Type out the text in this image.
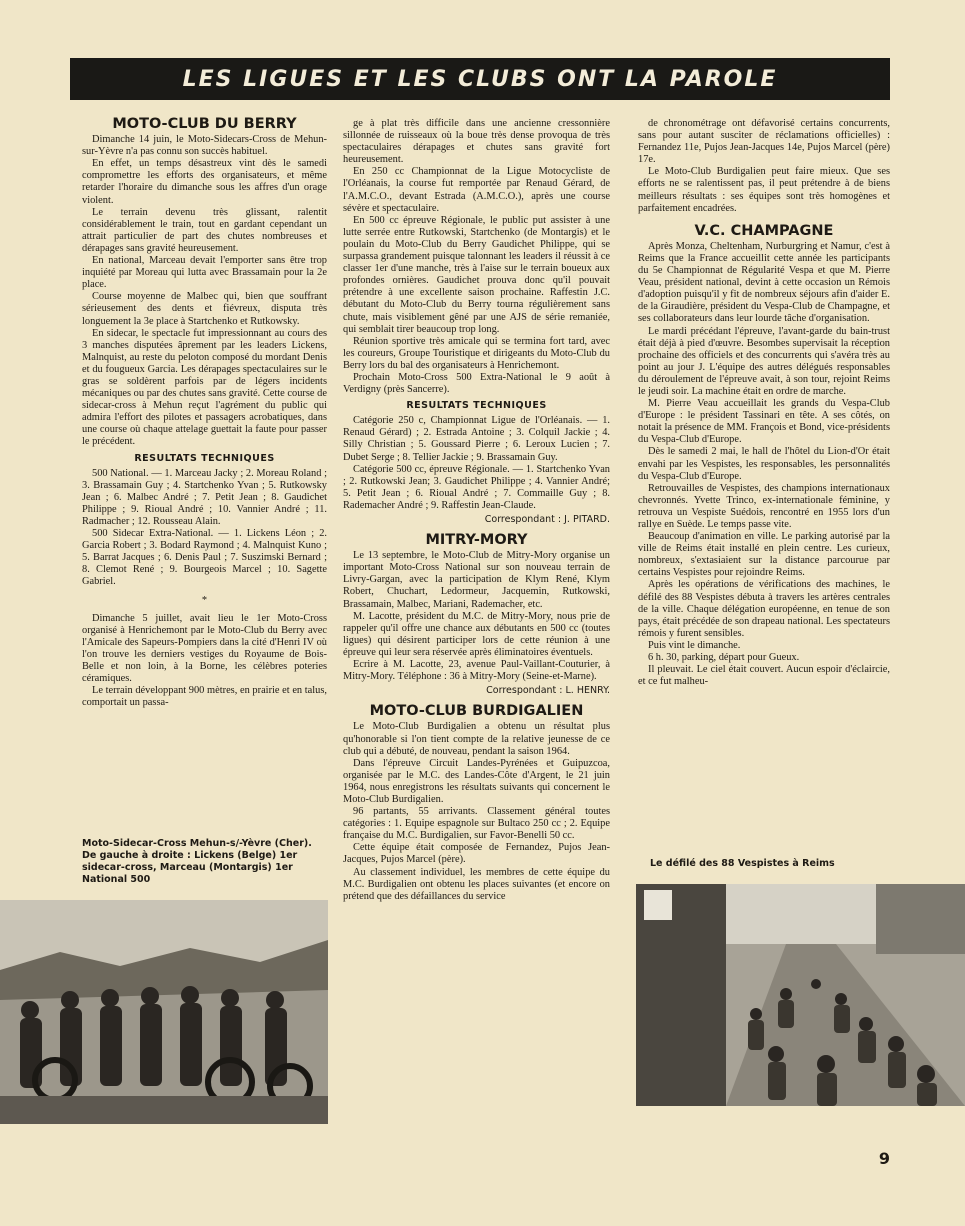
LES LIGUES ET LES CLUBS ONT LA PAROLE
MOTO-CLUB DU BERRY

Dimanche 14 juin, le Moto-Sidecars-Cross de Mehun-sur-Yèvre n'a pas connu son succès habituel.

En effet, un temps désastreux vint dès le samedi compromettre les efforts des organisateurs, et même retarder l'horaire du dimanche sous les affres d'un orage violent.

Le terrain devenu très glissant, ralentit considérablement le train, tout en gardant cependant un attrait particulier de part des chutes nombreuses et dérapages sans gravité heureusement.

En national, Marceau devait l'emporter sans être trop inquiété par Moreau qui lutta avec Brassamain pour la 2e place.

Course moyenne de Malbec qui, bien que souffrant sérieusement des dents et fiévreux, disputa très longuement la 3e place à Startchenko et Rutkowsky.

En sidecar, le spectacle fut impressionnant au cours des 3 manches disputées âprement par les leaders Lickens, Malnquist, au reste du peloton composé du mordant Denis et du fougueux Garcia. Les dérapages spectaculaires sur le gras se soldèrent parfois par de légers incidents mécaniques ou par des chutes sans gravité. Cette course de sidecar-cross à Mehun reçut l'agrément du public qui admira l'effort des pilotes et passagers acrobatiques, dans une course où chaque attelage guettait la faute pour passer le précédent.

RESULTATS TECHNIQUES

500 National. — 1. Marceau Jacky ; 2. Moreau Roland ; 3. Brassamain Guy ; 4. Startchenko Yvan ; 5. Rutkowsky Jean ; 6. Malbec André ; 7. Petit Jean ; 8. Gaudichet Philippe ; 9. Rioual André ; 10. Vannier André ; 11. Radmacher ; 12. Rousseau Alain.

500 Sidecar Extra-National. — 1. Lickens Léon ; 2. Garcia Robert ; 3. Bodard Raymond ; 4. Malnquist Kuno ; 5. Barrat Jacques ; 6. Denis Paul ; 7. Suszimski Bernard ; 8. Clemot René ; 9. Bourgeois Marcel ; 10. Sagette Gabriel.

*

Dimanche 5 juillet, avait lieu le 1er Moto-Cross organisé à Henrichemont par le Moto-Club du Berry avec l'Amicale des Sapeurs-Pompiers dans la cité d'Henri IV où l'on trouve les derniers vestiges du Royaume de Bois-Belle et non loin, à la Borne, les célèbres poteries céramiques.

Le terrain développant 900 mètres, en prairie et en talus, comportait un passa-

Moto-Sidecar-Cross Mehun-s/-Yèvre (Cher). De gauche à droite : Lickens (Belge) 1er sidecar-cross, Marceau (Montargis) 1er National 500

ge à plat très difficile dans une ancienne cressonnière sillonnée de ruisseaux où la boue très dense provoqua de très spectaculaires dérapages et chutes sans gravité fort heureusement.

En 250 cc Championnat de la Ligue Motocycliste de l'Orléanais, la course fut remportée par Renaud Gérard, de l'A.M.C.O., devant Estrada (A.M.C.O.), après une course sévère et spectaculaire.

En 500 cc épreuve Régionale, le public put assister à une lutte serrée entre Rutkowski, Startchenko (de Montargis) et le poulain du Moto-Club du Berry Gaudichet Philippe, qui se surpassa grandement puisque talonnant les leaders il réussit à ce classer 1er d'une manche, très à l'aise sur le terrain boueux aux profondes ornières. Gaudichet prouva donc qu'il pouvait prétendre à une excellente saison prochaine. Raffestin J.C. débutant du Moto-Club du Berry tourna régulièrement sans chute, mais visiblement gêné par une AJS de série remaniée, qui semblait tirer beaucoup trop long.

Réunion sportive très amicale qui se termina fort tard, avec les coureurs, Groupe Touristique et dirigeants du Moto-Club du Berry lors du bal des organisateurs à Henrichemont.

Prochain Moto-Cross 500 Extra-National le 9 août à Verdigny (près Sancerre).

RESULTATS TECHNIQUES

Catégorie 250 c, Championnat Ligue de l'Orléanais. — 1. Renaud Gérard) ; 2. Estrada Antoine ; 3. Colquil Jackie ; 4. Silly Christian ; 5. Goussard Pierre ; 6. Leroux Lucien ; 7. Dubet Serge ; 8. Tellier Jackie ; 9. Brassamain Guy.

Catégorie 500 cc, épreuve Régionale. — 1. Startchenko Yvan ; 2. Rutkowski Jean; 3. Gaudichet Philippe ; 4. Vannier André; 5. Petit Jean ; 6. Rioual André ; 7. Commaille Guy ; 8. Rademacher André ; 9. Raffestin Jean-Claude.

Correspondant : J. PITARD.
MITRY-MORY

Le 13 septembre, le Moto-Club de Mitry-Mory organise un important Moto-Cross National sur son nouveau terrain de Livry-Gargan, avec la participation de Klym René, Klym Robert, Chuchart, Ledormeur, Jacquemin, Rutkowski, Brassamain, Malbec, Mariani, Rademacher, etc.

M. Lacotte, président du M.C. de Mitry-Mory, nous prie de rappeler qu'il offre une chance aux débutants en 500 cc (toutes ligues) qui désirent participer lors de cette réunion à une épreuve qui leur sera réservée après éliminatoires éventuels.

Ecrire à M. Lacotte, 23, avenue Paul-Vaillant-Couturier, à Mitry-Mory. Téléphone : 36 à Mitry-Mory (Seine-et-Marne).

Correspondant : L. HENRY.
MOTO-CLUB BURDIGALIEN

Le Moto-Club Burdigalien a obtenu un résultat plus qu'honorable si l'on tient compte de la relative jeunesse de ce club qui a débuté, de nouveau, pendant la saison 1964.

Dans l'épreuve Circuit Landes-Pyrénées et Guipuzcoa, organisée par le M.C. des Landes-Côte d'Argent, le 21 juin 1964, nous enregistrons les résultats suivants qui concernent le Moto-Club Burdigalien.

96 partants, 55 arrivants. Classement général toutes catégories : 1. Equipe espagnole sur Bultaco 250 cc ; 2. Equipe française du M.C. Burdigalien, sur Favor-Benelli 50 cc.

Cette équipe était composée de Fernandez, Pujos Jean-Jacques, Pujos Marcel (père).

Au classement individuel, les membres de cette équipe du M.C. Burdigalien ont obtenu les places suivantes (et encore on prétend que des défaillances du service

de chronométrage ont défavorisé certains concurrents, sans pour autant susciter de réclamations officielles) : Fernandez 11e, Pujos Jean-Jacques 14e, Pujos Marcel (père) 17e.

Le Moto-Club Burdigalien peut faire mieux. Que ses efforts ne se ralentissent pas, il peut prétendre à de biens meilleurs résultats : ses équipes sont très homogènes et parfaitement encadrées.

V.C. CHAMPAGNE

Après Monza, Cheltenham, Nurburgring et Namur, c'est à Reims que la France accueillit cette année les participants du 5e Championnat de Régularité Vespa et que M. Pierre Veau, président national, devint à cette occasion un Rémois d'adoption puisqu'il y fit de nombreux séjours afin d'aider E. de la Giraudière, président du Vespa-Club de Champagne, et ses collaborateurs dans leur lourde tâche d'organisation.

Le mardi précédant l'épreuve, l'avant-garde du bain-trust était déjà à pied d'œuvre. Besombes supervisait la réception prochaine des officiels et des concurrents qui s'avéra très au point au jour J. L'équipe des autres délégués responsables du déroulement de l'épreuve avait, à son tour, rejoint Reims le jeudi soir. La machine était en ordre de marche.

M. Pierre Veau accueillait les grands du Vespa-Club d'Europe : le président Tassinari en tête. A ses côtés, on notait la présence de MM. François et Bond, vice-présidents du Vespa-Club d'Europe.

Dès le samedi 2 mai, le hall de l'hôtel du Lion-d'Or était envahi par les Vespistes, les responsables, les personnalités du Vespa-Club d'Europe.

Retrouvailles de Vespistes, des champions internationaux chevronnés. Yvette Trinco, ex-internationale féminine, y retrouva un Vespiste Suédois, rencontré en 1955 lors d'un rallye en Suède. Le temps passe vite.

Beaucoup d'animation en ville. Le parking autorisé par la ville de Reims était installé en plein centre. Les curieux, nombreux, s'extasiaient sur la distance parcourue par certains Vespistes pour rejoindre Reims.

Après les opérations de vérifications des machines, le défilé des 88 Vespistes débuta à travers les artères centrales de la ville. Chaque délégation européenne, en tenue de son pays, était précédée de son drapeau national. Les spectateurs rémois y furent sensibles.

Puis vint le dimanche.

6 h. 30, parking, départ pour Gueux.

Il pleuvait. Le ciel était couvert. Aucun espoir d'éclaircie, et ce fut malheu-

Le défilé des 88 Vespistes à Reims
9
